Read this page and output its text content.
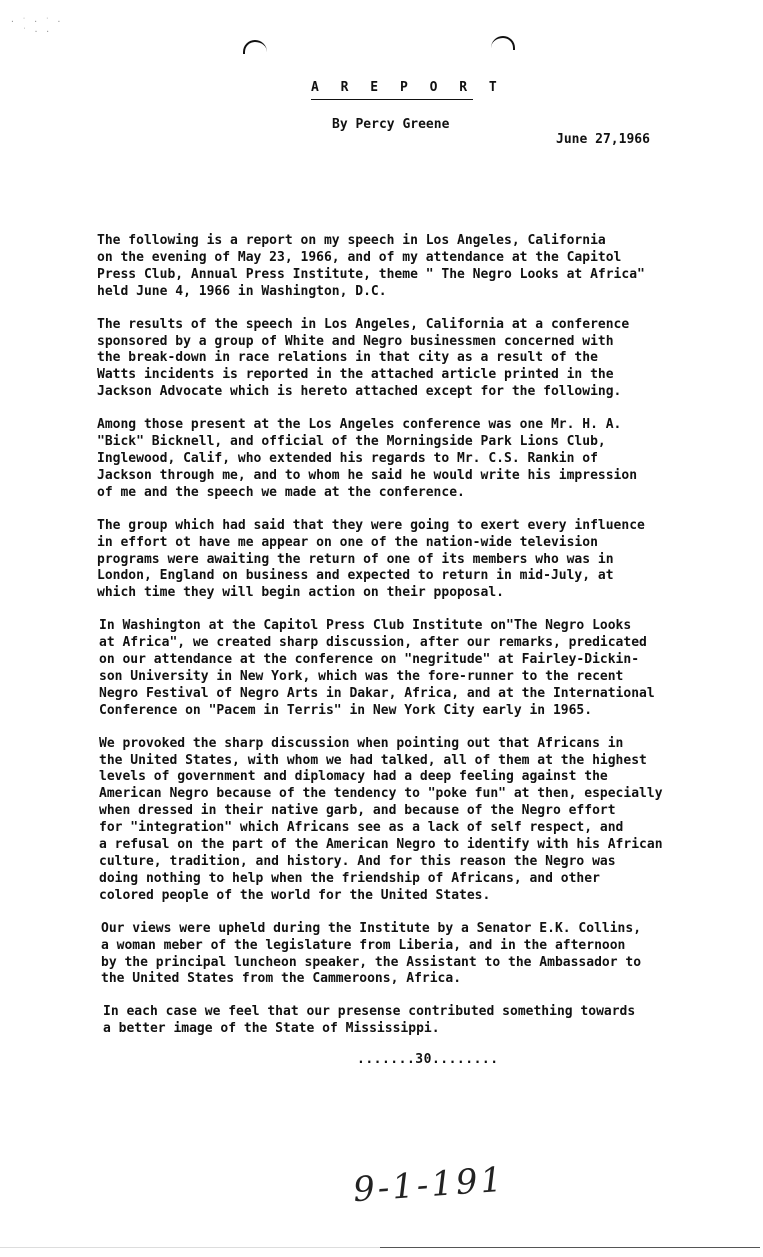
· ˙ · ˙ ·
˙ · ·
A R E P O R T
By Percy Greene
June 27,1966
The following is a report on my speech in Los Angeles, California
on the evening of May 23, 1966, and of my attendance at the Capitol
Press Club, Annual Press Institute, theme " The Negro Looks at Africa"
held June 4, 1966 in Washington, D.C.
The results of the speech in Los Angeles, California at a conference
sponsored by a group of White and Negro businessmen concerned with
the break-down in race relations in that city as a result of the
Watts incidents is reported in the attached article printed in the
Jackson Advocate which is hereto attached except for the following.
Among those present at the Los Angeles conference was one Mr. H. A.
"Bick" Bicknell, and official of the Morningside Park Lions Club,
Inglewood, Calif, who extended his regards to Mr. C.S. Rankin of
Jackson through me, and to whom he said he would write his impression
of me and the speech we made at the conference.
The group which had said that they were going to exert every influence
in effort ot have me appear on one of the nation-wide television
programs were awaiting the return of one of its members who was in
London, England on business and expected to return in mid-July, at
which time they will begin action on their ppoposal.
In Washington at the Capitol Press Club Institute on"The Negro Looks
at Africa", we created sharp discussion, after our remarks, predicated
on our attendance at the conference on "negritude" at Fairley-Dickin-
son University in New York, which was the fore-runner to the recent
Negro Festival of Negro Arts in Dakar, Africa, and at the International
Conference on "Pacem in Terris" in New York City early in 1965.
We provoked the sharp discussion when pointing out that Africans in
the United States, with whom we had talked, all of them at the highest
levels of government and diplomacy had a deep feeling against the
American Negro because of the tendency to "poke fun" at then, especially
when dressed in their native garb, and because of the Negro effort
for "integration" which Africans see as a lack of self respect, and
a refusal on the part of the American Negro to identify with his African
culture, tradition, and history. And for this reason the Negro was
doing nothing to help when the friendship of Africans, and other
colored people of the world for the United States.
Our views were upheld during the Institute by a Senator E.K. Collins,
a woman meber of the legislature from Liberia, and in the afternoon
by the principal luncheon speaker, the Assistant to the Ambassador to
the United States from the Cammeroons, Africa.
In each case we feel that our presense contributed something towards
a better image of the State of Mississippi.
.......30........
9-1-191
